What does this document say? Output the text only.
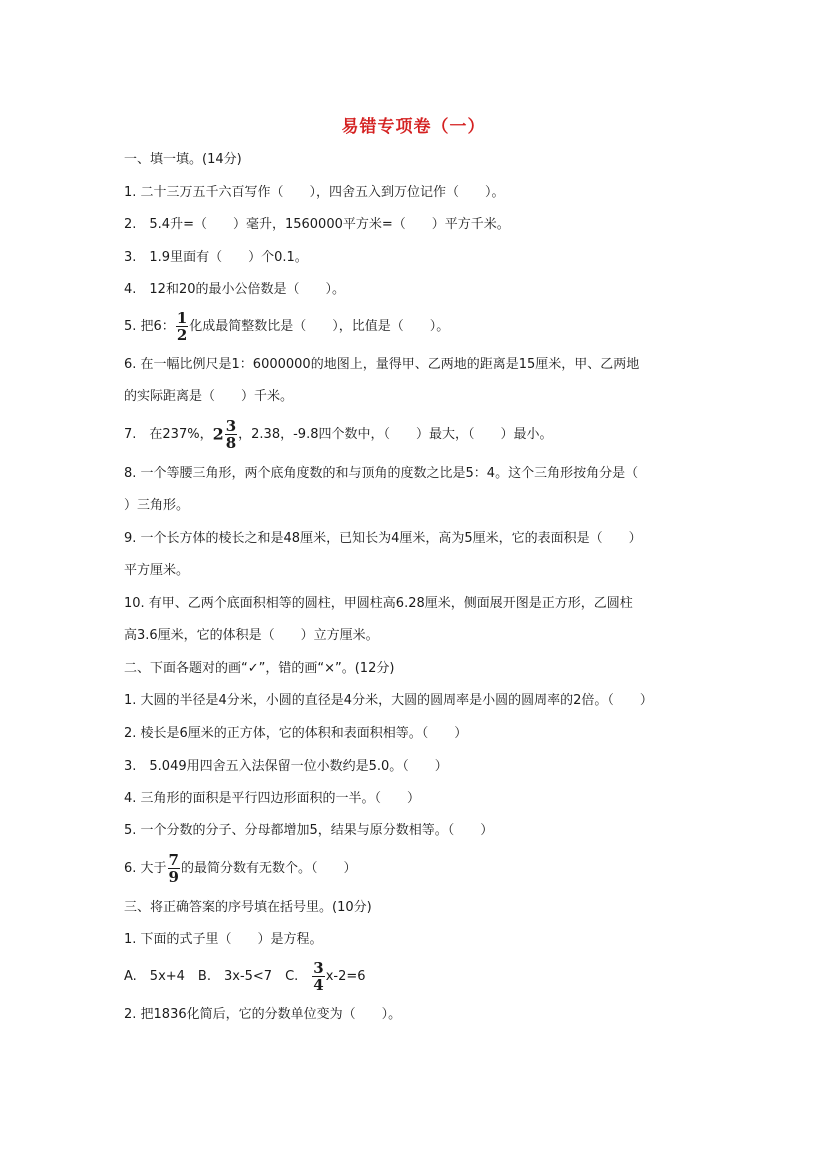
易错专项卷（一）
一、填一填。(14分)
1. 二十三万五千六百写作（　　），四舍五入到万位记作（　　）。
2.　5.4升=（　　）毫升，1560000平方米=（　　）平方千米。
3.　1.9里面有（　　）个0.1。
4.　12和20的最小公倍数是（　　）。
5. 把6： $\frac{1}{2}$ 化成最简整数比是（　　），比值是（　　）。
6. 在一幅比例尺是1：6000000的地图上，量得甲、乙两地的距离是15厘米，甲、乙两地
的实际距离是（　　）千米。
7.　在237%，$2 \frac{3}{8}$ ，2.38，-9.8四个数中，（　　）最大，（　　）最小。
8. 一个等腰三角形，两个底角度数的和与顶角的度数之比是5：4。这个三角形按角分是（
）三角形。
9. 一个长方体的棱长之和是48厘米，已知长为4厘米，高为5厘米，它的表面积是（　　）
平方厘米。
10. 有甲、乙两个底面积相等的圆柱，甲圆柱高6.28厘米，侧面展开图是正方形，乙圆柱
高3.6厘米，它的体积是（　　）立方厘米。
二、下面各题对的画“✓”，错的画“×”。(12分)
1. 大圆的半径是4分米，小圆的直径是4分米，大圆的圆周率是小圆的圆周率的2倍。（　　）
2. 棱长是6厘米的正方体，它的体积和表面积相等。（　　）
3.　5.049用四舍五入法保留一位小数约是5.0。（　　）
4. 三角形的面积是平行四边形面积的一半。（　　）
5. 一个分数的分子、分母都增加5，结果与原分数相等。（　　）
6. 大于 $\frac{7}{9}$ 的最简分数有无数个。（　　）
三、将正确答案的序号填在括号里。(10分)
1. 下面的式子里（　　）是方程。
A.　5x+4　B.　3x-5<7　C.　 $\frac{3}{4} x-2=6$
2. 把1836化简后，它的分数单位变为（　　）。
